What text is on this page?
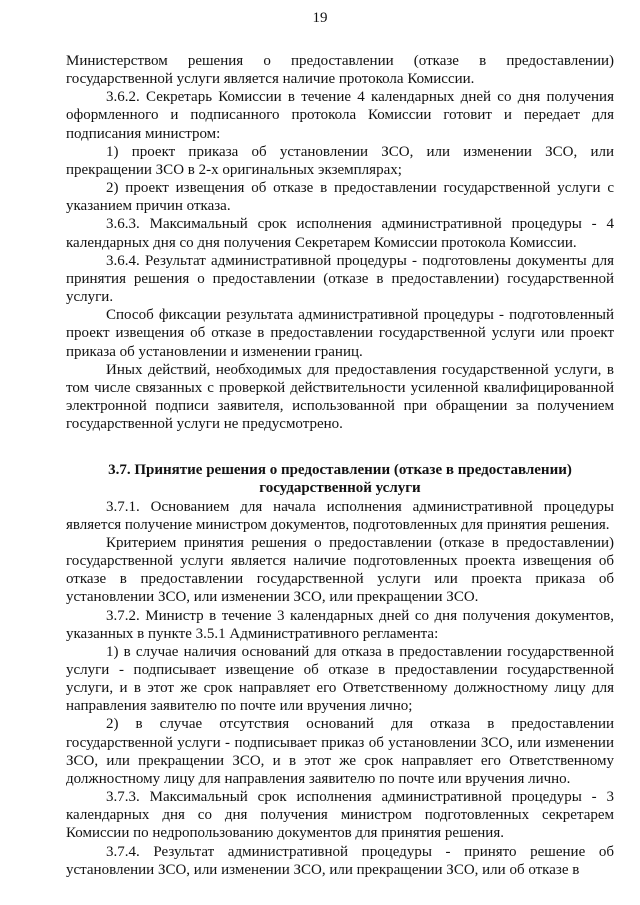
19

Министерством решения о предоставлении (отказе в предоставлении) государственной услуги является наличие протокола Комиссии.

3.6.2. Секретарь Комиссии в течение 4 календарных дней со дня получения оформленного и подписанного протокола Комиссии готовит и передает для подписания министром:

1) проект приказа об установлении ЗСО, или изменении ЗСО, или прекращении ЗСО в 2-х оригинальных экземплярах;

2) проект извещения об отказе в предоставлении государственной услуги с указанием причин отказа.

3.6.3. Максимальный срок исполнения административной процедуры - 4 календарных дня со дня получения Секретарем Комиссии протокола Комиссии.

3.6.4. Результат административной процедуры - подготовлены документы для принятия решения о предоставлении (отказе в предоставлении) государственной услуги.

Способ фиксации результата административной процедуры - подготовленный проект извещения об отказе в предоставлении государственной услуги или проект приказа об установлении и изменении границ.

Иных действий, необходимых для предоставления государственной услуги, в том числе связанных с проверкой действительности усиленной квалифицированной электронной подписи заявителя, использованной при обращении за получением государственной услуги не предусмотрено.

3.7. Принятие решения о предоставлении (отказе в предоставлении) государственной услуги

3.7.1. Основанием для начала исполнения административной процедуры является получение министром документов, подготовленных для принятия решения.

Критерием принятия решения о предоставлении (отказе в предоставлении) государственной услуги является наличие подготовленных проекта извещения об отказе в предоставлении государственной услуги или проекта приказа об установлении ЗСО, или изменении ЗСО, или прекращении ЗСО.

3.7.2. Министр в течение 3 календарных дней со дня получения документов, указанных в пункте 3.5.1 Административного регламента:

1) в случае наличия оснований для отказа в предоставлении государственной услуги - подписывает извещение об отказе в предоставлении государственной услуги, и в этот же срок направляет его Ответственному должностному лицу для направления заявителю по почте или вручения лично;

2) в случае отсутствия оснований для отказа в предоставлении государственной услуги - подписывает приказ об установлении ЗСО, или изменении ЗСО, или прекращении ЗСО, и в этот же срок направляет его Ответственному должностному лицу для направления заявителю по почте или вручения лично.

3.7.3. Максимальный срок исполнения административной процедуры - 3 календарных дня со дня получения министром подготовленных секретарем Комиссии по недропользованию документов для принятия решения.

3.7.4. Результат административной процедуры - принято решение об установлении ЗСО, или изменении ЗСО, или прекращении ЗСО, или об отказе в
